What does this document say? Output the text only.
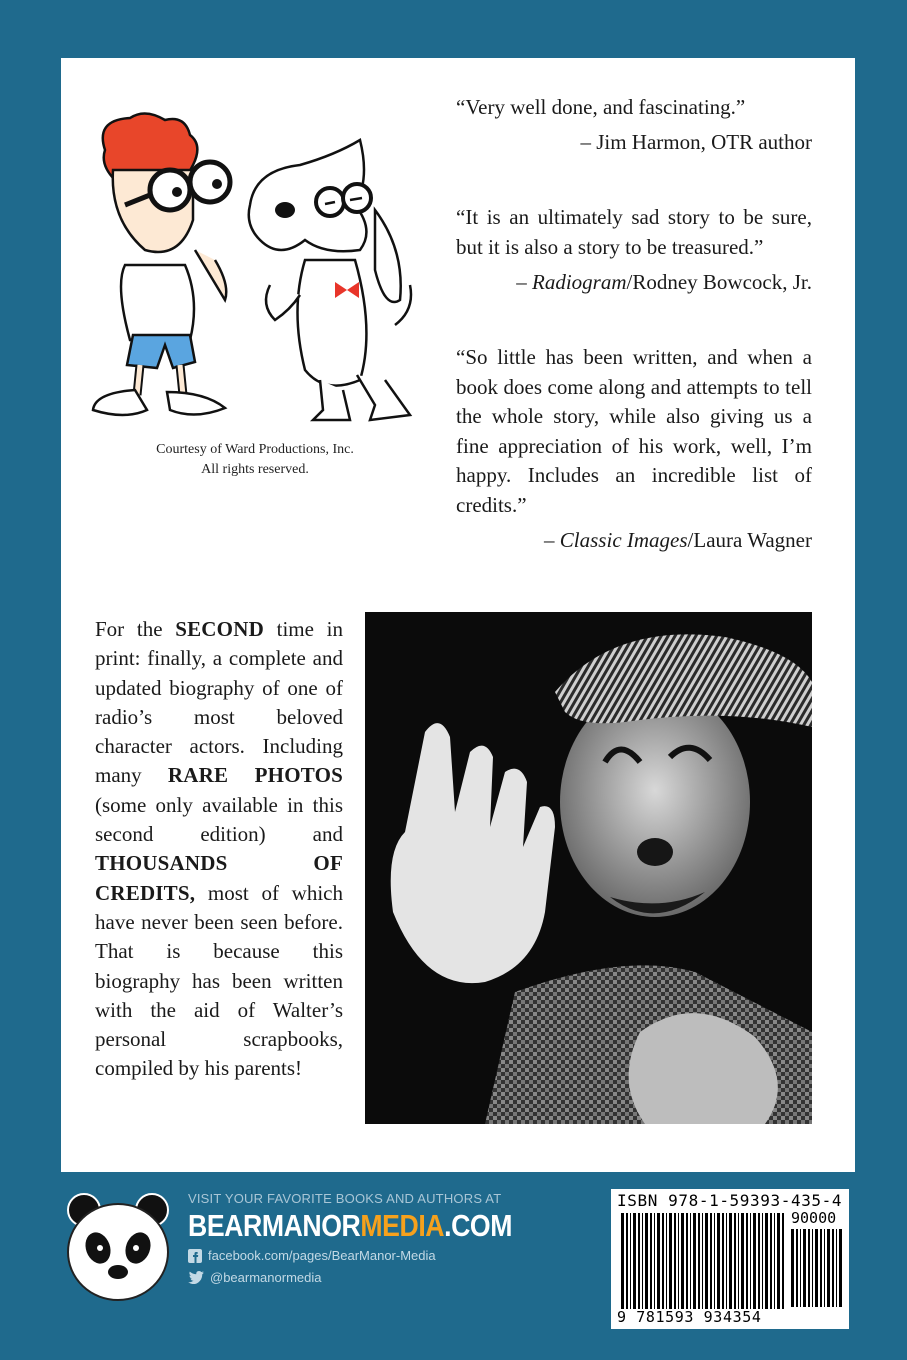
Courtesy of Ward Productions, Inc.
All rights reserved.
“Very well done, and fascinating.”
– Jim Harmon, OTR author
“It is an ultimately sad story to be sure, but it is also a story to be treasured.”
– Radiogram/Rodney Bowcock, Jr.
“So little has been written, and when a book does come along and attempts to tell the whole story, while also giving us a fine appreciation of his work, well, I’m happy. Includes an incredible list of credits.”
– Classic Images/Laura Wagner
For the SECOND time in print: finally, a complete and updated biography of one of radio’s most beloved character actors. Including many RARE PHOTOS (some only available in this second edition) and THOUSANDS OF CREDITS, most of which have never been seen before. That is because this biography has been written with the aid of Walter’s personal scrapbooks, compiled by his parents!
VISIT YOUR FAVORITE BOOKS AND AUTHORS AT
BEARMANORMEDIA.COM
facebook.com/pages/BearManor-Media
@bearmanormedia
ISBN 978-1-59393-435-4
90000
9 781593 934354
